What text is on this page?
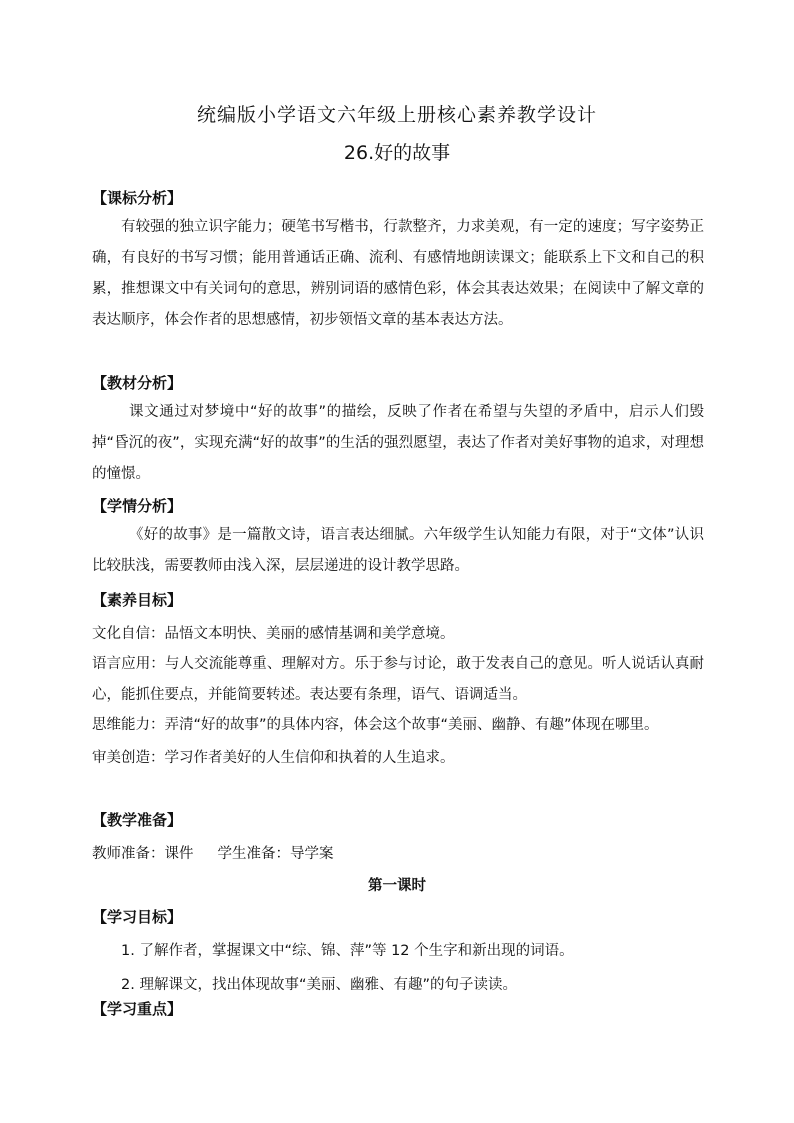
统编版小学语文六年级上册核心素养教学设计
26.好的故事
【课标分析】
有较强的独立识字能力；硬笔书写楷书，行款整齐，力求美观，有一定的速度；写字姿势正确，有良好的书写习惯；能用普通话正确、流利、有感情地朗读课文；能联系上下文和自己的积累，推想课文中有关词句的意思，辨别词语的感情色彩，体会其表达效果；在阅读中了解文章的表达顺序，体会作者的思想感情，初步领悟文章的基本表达方法。
【教材分析】
课文通过对梦境中“好的故事”的描绘，反映了作者在希望与失望的矛盾中，启示人们毁掉“昏沉的夜”，实现充满“好的故事”的生活的强烈愿望，表达了作者对美好事物的追求，对理想的憧憬。
【学情分析】
《好的故事》是一篇散文诗，语言表达细腻。六年级学生认知能力有限，对于“文体”认识比较肤浅，需要教师由浅入深，层层递进的设计教学思路。
【素养目标】
文化自信：品悟文本明快、美丽的感情基调和美学意境。
语言应用：与人交流能尊重、理解对方。乐于参与讨论，敢于发表自己的意见。听人说话认真耐心，能抓住要点，并能简要转述。表达要有条理，语气、语调适当。
思维能力：弄清“好的故事”的具体内容，体会这个故事“美丽、幽静、有趣”体现在哪里。
审美创造：学习作者美好的人生信仰和执着的人生追求。
【教学准备】
教师准备：课件 学生准备：导学案
第一课时
【学习目标】
1. 了解作者，掌握课文中“综、锦、萍”等 12 个生字和新出现的词语。
2. 理解课文，找出体现故事“美丽、幽雅、有趣”的句子读读。
【学习重点】
